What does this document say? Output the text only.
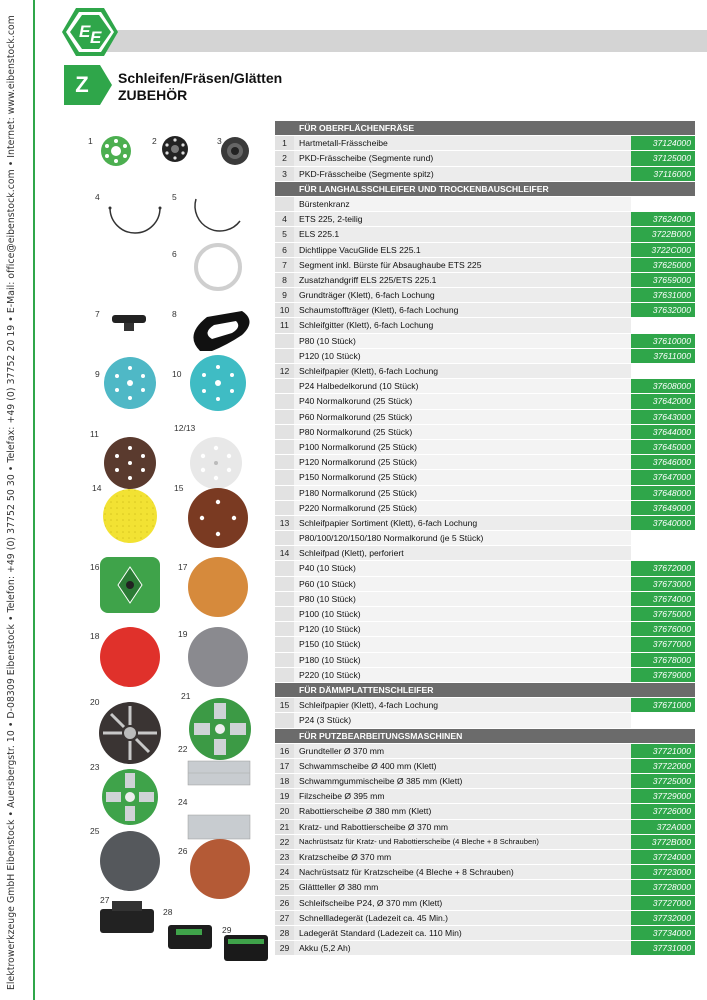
Elektrowerkzeuge GmbH Eibenstock • Auersbergstr. 10 • D-08309 Eibenstock • Telefon: +49 (0) 37752 50 30 • Telefax: +49 (0) 37752 20 19 • E-Mail: office@eibenstock.com • Internet: www.eibenstock.com	E E
Z	Schleifen/Fräsen/Glätten
ZUBEHÖR
1	2	3
4	5
6
7	8
9	10
11
12/13
14	15
16	17
18	19
20
21
22
23
24
25
26
27
28
29
FÜR OBERFLÄCHENFRÄSE
1	Hartmetall-Frässcheibe	37124000
2	PKD-Frässcheibe (Segmente rund)	37125000
3	PKD-Frässcheibe (Segmente spitz)	37116000
FÜR LANGHALSSCHLEIFER UND TROCKENBAUSCHLEIFER
Bürstenkranz
4	ETS 225, 2-teilig	37624000
5	ELS 225.1	3722B000
6	Dichtlippe VacuGlide ELS 225.1	3722C000
7	Segment inkl. Bürste für Absaughaube ETS 225	37625000
8	Zusatzhandgriff ELS 225/ETS 225.1	37659000
9	Grundträger (Klett), 6-fach Lochung	37631000
10	Schaumstoffträger (Klett), 6-fach Lochung	37632000
11	Schleifgitter (Klett), 6-fach Lochung
P80 (10 Stück)	37610000
P120 (10 Stück)	37611000
12	Schleifpapier (Klett), 6-fach Lochung
P24 Halbedelkorund (10 Stück)	37608000
P40 Normalkorund (25 Stück)	37642000
P60 Normalkorund (25 Stück)	37643000
P80 Normalkorund (25 Stück)	37644000
P100 Normalkorund (25 Stück)	37645000
P120 Normalkorund (25 Stück)	37646000
P150 Normalkorund (25 Stück)	37647000
P180 Normalkorund (25 Stück)	37648000
P220 Normalkorund (25 Stück)	37649000
13	Schleifpapier Sortiment (Klett), 6-fach Lochung	37640000
P80/100/120/150/180 Normalkorund (je 5 Stück)
14	Schleifpad (Klett), perforiert
P40 (10 Stück)	37672000
P60 (10 Stück)	37673000
P80 (10 Stück)	37674000
P100 (10 Stück)	37675000
P120 (10 Stück)	37676000
P150 (10 Stück)	37677000
P180 (10 Stück)	37678000
P220 (10 Stück)	37679000
FÜR DÄMMPLATTENSCHLEIFER
15	Schleifpapier (Klett), 4-fach Lochung	37671000
P24 (3 Stück)
FÜR PUTZBEARBEITUNGSMASCHINEN
16	Grundteller Ø 370 mm	37721000
17	Schwammscheibe Ø 400 mm (Klett)	37722000
18	Schwammgummischeibe Ø 385 mm (Klett)	37725000
19	Filzscheibe Ø 395 mm	37729000
20	Rabottierscheibe Ø 380 mm (Klett)	37726000
21	Kratz- und Rabottierscheibe Ø 370 mm	372A000
22	Nachrüstsatz für Kratz- und Rabottierscheibe (4 Bleche + 8 Schrauben)	3772B000
23	Kratzscheibe Ø 370 mm	37724000
24	Nachrüstsatz für Kratzscheibe (4 Bleche + 8 Schrauben)	37723000
25	Glättteller Ø 380 mm	37728000
26	Schleifscheibe P24, Ø 370 mm (Klett)	37727000
27	Schnellladegerät (Ladezeit ca. 45 Min.)	37732000
28	Ladegerät Standard (Ladezeit ca. 110 Min)	37734000
29	Akku (5,2 Ah)	37731000
